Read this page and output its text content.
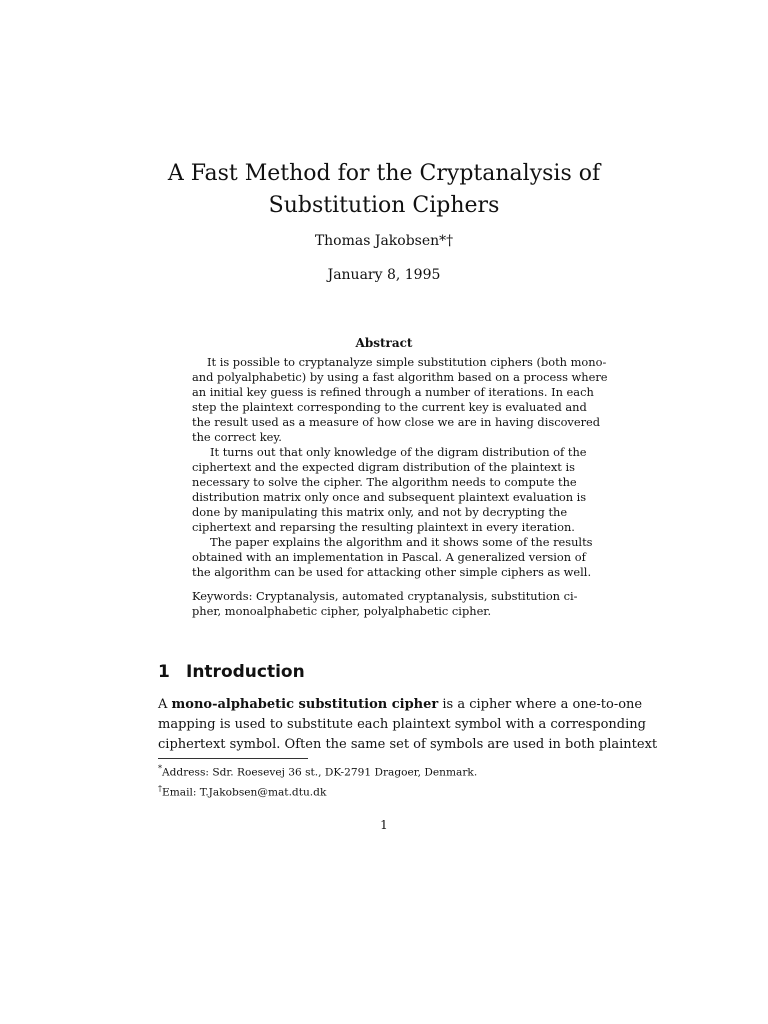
A Fast Method for the Cryptanalysis of
Substitution Ciphers
Thomas Jakobsen*†
January 8, 1995
Abstract
It is possible to cryptanalyze simple substitution ciphers (both mono-
and polyalphabetic) by using a fast algorithm based on a process where
an initial key guess is refined through a number of iterations. In each
step the plaintext corresponding to the current key is evaluated and
the result used as a measure of how close we are in having discovered
the correct key.
It turns out that only knowledge of the digram distribution of the
ciphertext and the expected digram distribution of the plaintext is
necessary to solve the cipher. The algorithm needs to compute the
distribution matrix only once and subsequent plaintext evaluation is
done by manipulating this matrix only, and not by decrypting the
ciphertext and reparsing the resulting plaintext in every iteration.
The paper explains the algorithm and it shows some of the results
obtained with an implementation in Pascal. A generalized version of
the algorithm can be used for attacking other simple ciphers as well.
Keywords: Cryptanalysis, automated cryptanalysis, substitution ci-
pher, monoalphabetic cipher, polyalphabetic cipher.
1 Introduction
A mono-alphabetic substitution cipher is a cipher where a one-to-one
mapping is used to substitute each plaintext symbol with a corresponding
ciphertext symbol. Often the same set of symbols are used in both plaintext
*Address: Sdr. Roesevej 36 st., DK-2791 Dragoer, Denmark.
†Email: T.Jakobsen@mat.dtu.dk
1
